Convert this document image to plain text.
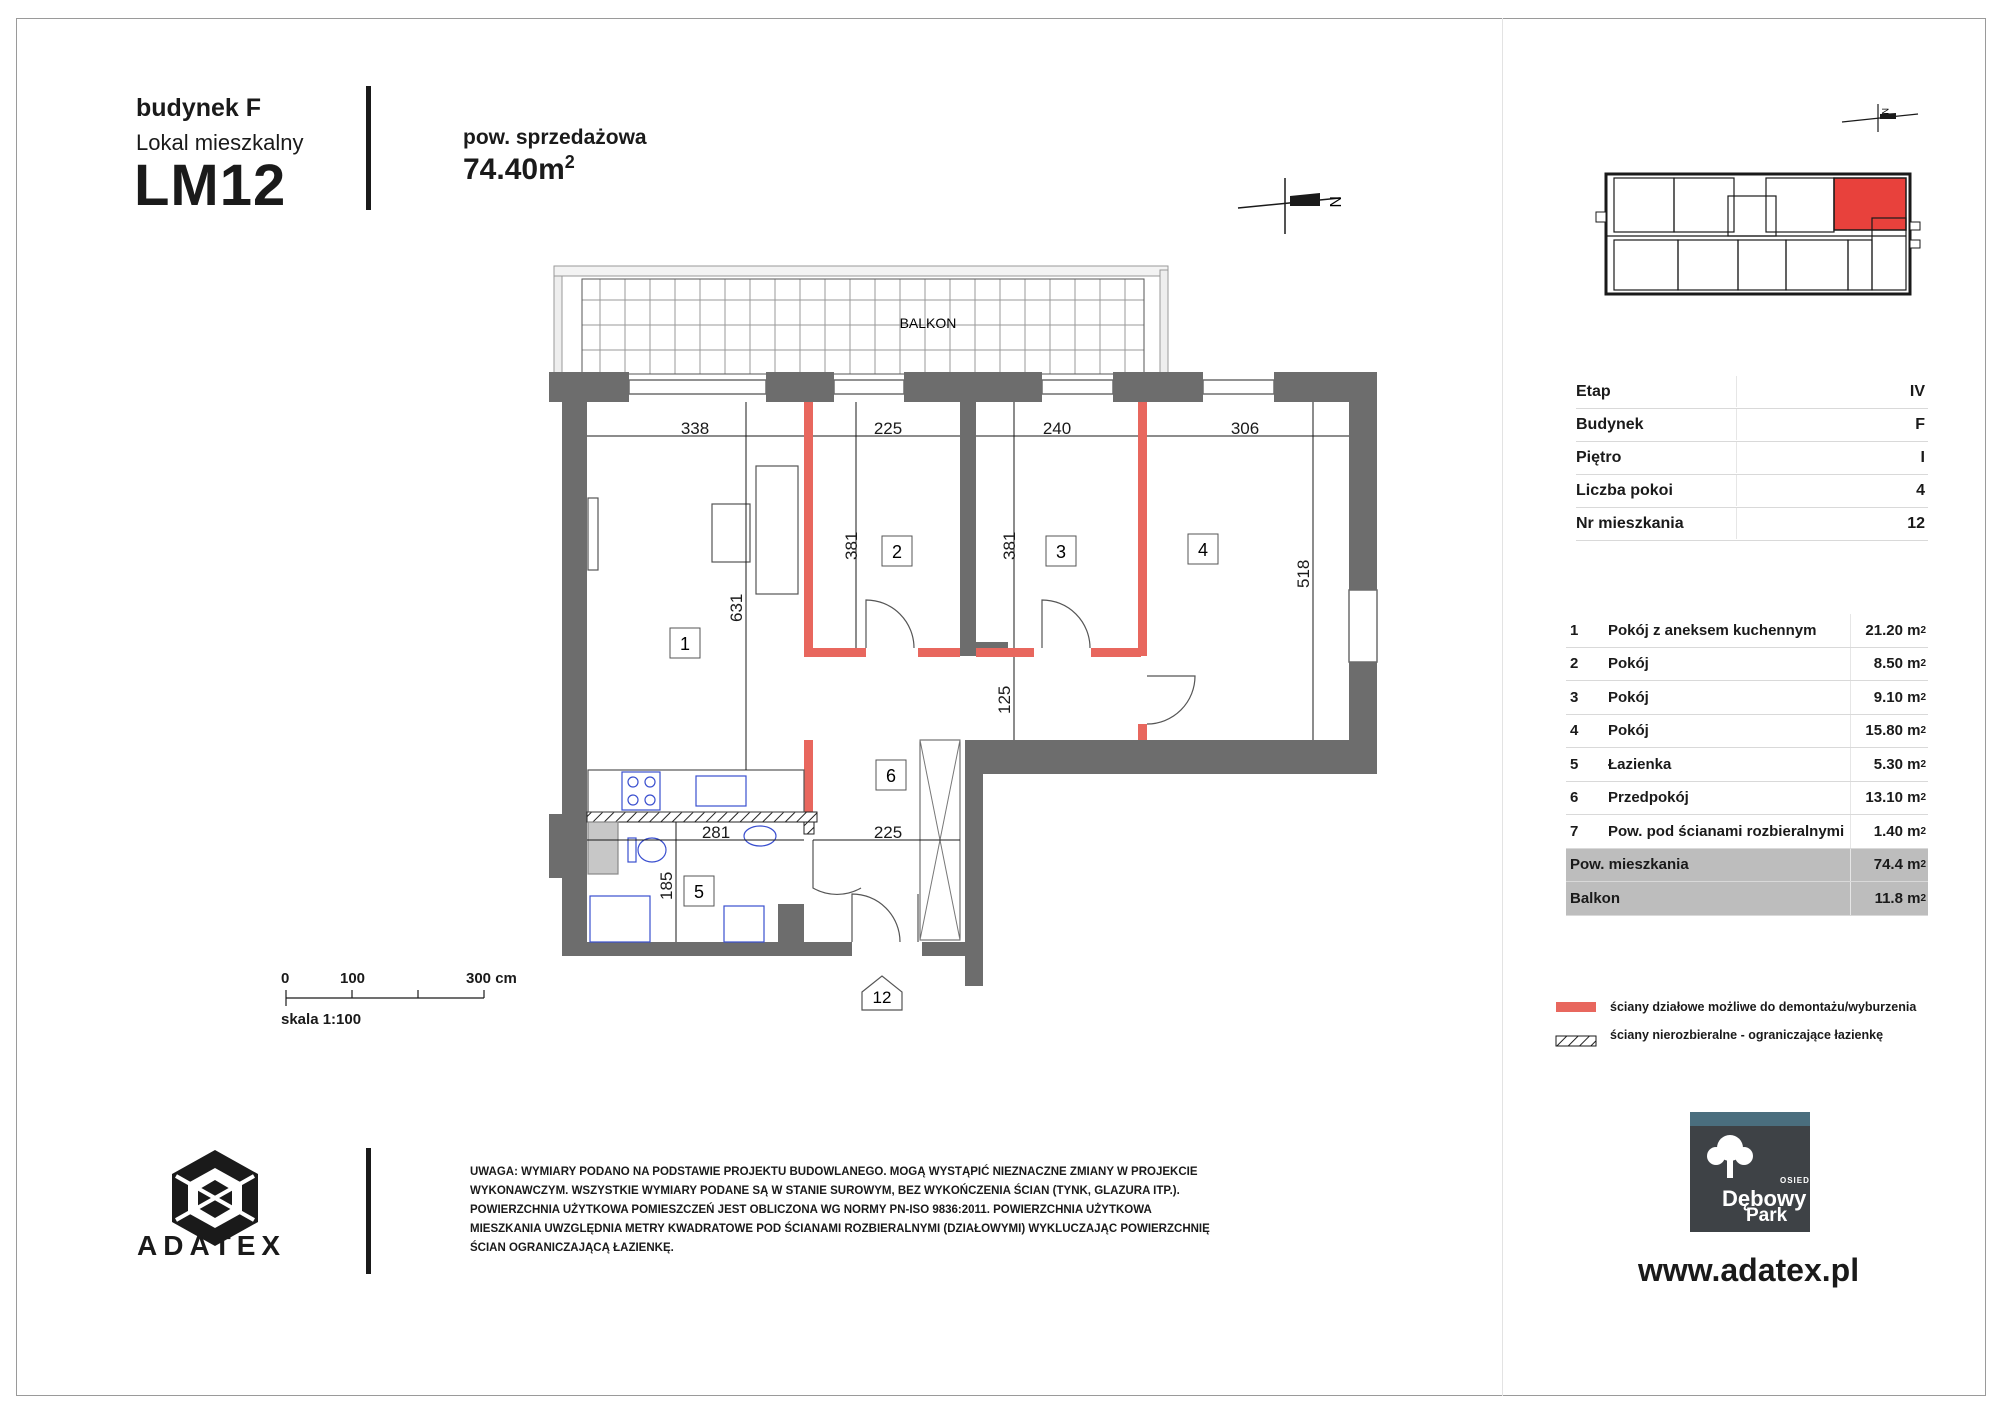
budynek F
Lokal mieszkalny
LM12
pow. sprzedażowa
$74.40m^2$
N
BALKON
338	225	240	306
381	381
518
631
125
281	225
185
1
2	3	4
5
6
12
N
0	100	300 cm
skala 1:100
ADATEX
UWAGA: WYMIARY PODANO NA PODSTAWIE PROJEKTU BUDOWLANEGO. MOGĄ WYSTĄPIĆ NIEZNACZNE ZMIANY W PROJEKCIE WYKONAWCZYM. WSZYSTKIE WYMIARY PODANE SĄ W STANIE SUROWYM, BEZ WYKOŃCZENIA ŚCIAN (TYNK, GLAZURA ITP.). POWIERZCHNIA UŻYTKOWA POMIESZCZEŃ JEST OBLICZONA WG NORMY PN-ISO 9836:2011. POWIERZCHNIA UŻYTKOWA MIESZKANIA UWZGLĘDNIA METRY KWADRATOWE POD ŚCIANAMI ROZBIERALNYMI (DZIAŁOWYMI) WYKLUCZAJĄC POWIERZCHNIĘ ŚCIAN OGRANICZAJĄCĄ ŁAZIENKĘ.
Etap	IV
Budynek	F
Piętro	I
Liczba pokoi	4
Nr mieszkania	12
1	Pokój z aneksem kuchennym	21.20 m 2
2	Pokój	8.50 m 2
3	Pokój	9.10 m 2
4	Pokój	15.80 m 2
5	Łazienka	5.30 m 2
6	Przedpokój	13.10 m 2
7	Pow. pod ścianami rozbieralnymi	1.40 m 2
Pow. mieszkania	74.4 m 2
Balkon	11.8 m 2
ściany działowe możliwe do demontażu/wyburzenia
ściany nierozbieralne - ograniczające łazienkę
OSIEDLE
Dębowy
Park
www.adatex.pl
